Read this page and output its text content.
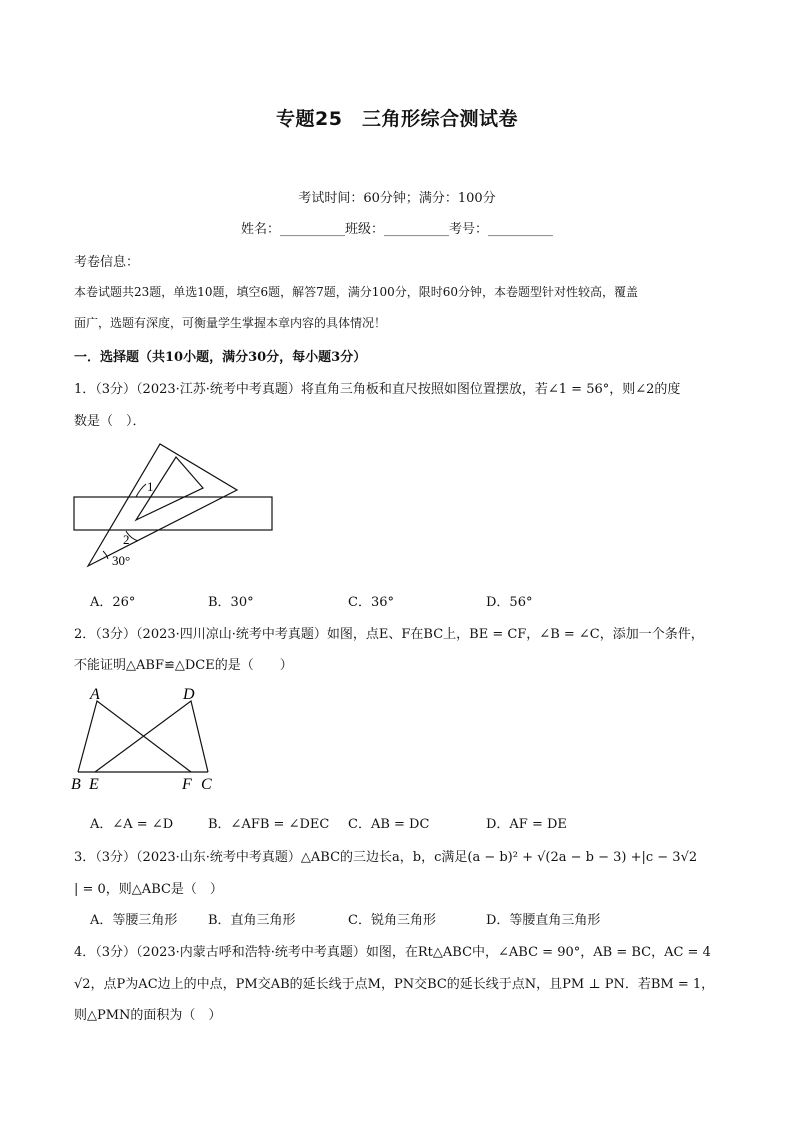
专题25　三角形综合测试卷
考试时间：60分钟；满分：100分
姓名：__________班级：__________考号：__________
考卷信息：
本卷试题共23题，单选10题，填空6题，解答7题，满分100分，限时60分钟，本卷题型针对性较高，覆盖
面广，选题有深度，可衡量学生掌握本章内容的具体情况！
一．选择题（共10小题，满分30分，每小题3分）
1．（3分）（2023·江苏·统考中考真题）将直角三角板和直尺按照如图位置摆放，若∠1 = 56°，则∠2的度
数是（　）．
1
2
30°
A．26°	B．30°	C．36°	D．56°
2．（3分）（2023·四川凉山·统考中考真题）如图，点E、F在BC上，BE = CF，∠B = ∠C，添加一个条件，
不能证明△ABF≌△DCE的是（　　）
A	D
B E	F C
A．∠A = ∠D	B．∠AFB = ∠DEC C．AB = DC	D．AF = DE
3．（3分）（2023·山东·统考中考真题）△ABC的三边长a，b，c满足(a − b)² + √(2a − b − 3) +|c − 3√2
| = 0，则△ABC是（　）
A．等腰三角形 B．直角三角形	C．锐角三角形	D．等腰直角三角形
4．（3分）（2023·内蒙古呼和浩特·统考中考真题）如图，在Rt△ABC中，∠ABC = 90°，AB = BC，AC = 4
√2，点P为AC边上的中点，PM交AB的延长线于点M，PN交BC的延长线于点N，且PM ⊥ PN．若BM = 1，
则△PMN的面积为（　）
